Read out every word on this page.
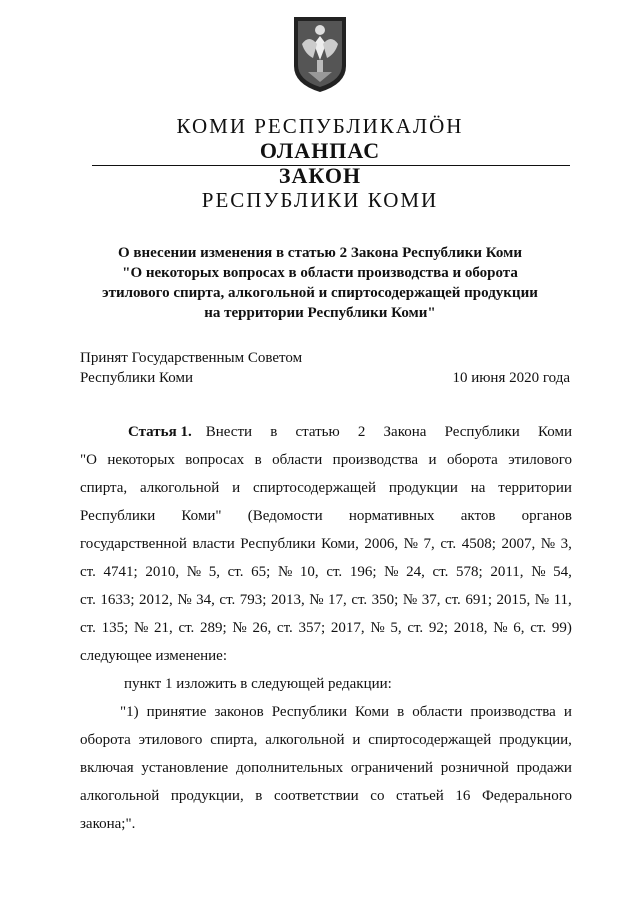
КОМИ РЕСПУБЛИКАЛӦН
ОЛАНПАС
ЗАКОН
РЕСПУБЛИКИ КОМИ
О внесении изменения в статью 2 Закона Республики Коми
"О некоторых вопросах в области производства и оборота
этилового спирта, алкогольной и спиртосодержащей продукции
на территории Республики Коми"
Принят Государственным Советом
Республики Коми	10 июня 2020 года
Статья 1. Внести в статью 2 Закона Республики Коми
"О некоторых вопросах в области производства и оборота этилового
спирта, алкогольной и спиртосодержащей продукции на территории
Республики Коми" (Ведомости нормативных актов органов
государственной власти Республики Коми, 2006, № 7, ст. 4508; 2007, № 3,
ст. 4741; 2010, № 5, ст. 65; № 10, ст. 196; № 24, ст. 578; 2011, № 54,
ст. 1633; 2012, № 34, ст. 793; 2013, № 17, ст. 350; № 37, ст. 691; 2015, № 11,
ст. 135; № 21, ст. 289; № 26, ст. 357; 2017, № 5, ст. 92; 2018, № 6, ст. 99)
следующее изменение:
пункт 1 изложить в следующей редакции:
"1) принятие законов Республики Коми в области производства и
оборота этилового спирта, алкогольной и спиртосодержащей продукции,
включая установление дополнительных ограничений розничной продажи
алкогольной продукции, в соответствии со статьей 16 Федерального
закона;".
